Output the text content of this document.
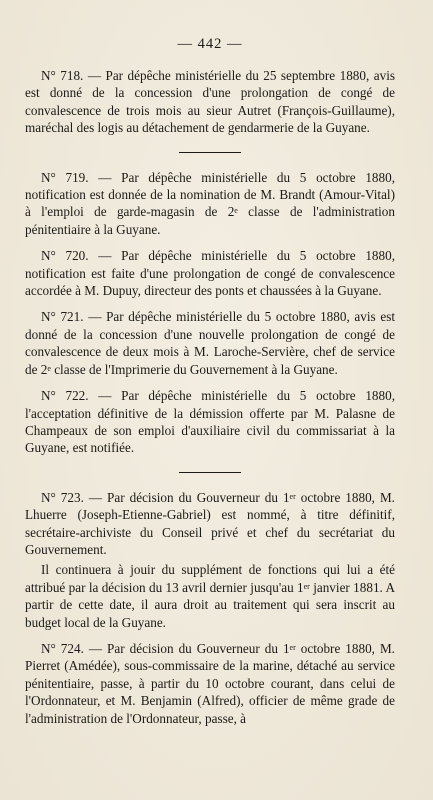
— 442 —

N° 718. — Par dépêche ministérielle du 25 septembre 1880, avis est donné de la concession d'une prolongation de congé de convalescence de trois mois au sieur Autret (François-Guillaume), maréchal des logis au détachement de gendarmerie de la Guyane.

N° 719. — Par dépêche ministérielle du 5 octobre 1880, notification est donnée de la nomination de M. Brandt (Amour-Vital) à l'emploi de garde-magasin de 2e classe de l'administration pénitentiaire à la Guyane.

N° 720. — Par dépêche ministérielle du 5 octobre 1880, notification est faite d'une prolongation de congé de convalescence accordée à M. Dupuy, directeur des ponts et chaussées à la Guyane.

N° 721. — Par dépêche ministérielle du 5 octobre 1880, avis est donné de la concession d'une nouvelle prolongation de congé de convalescence de deux mois à M. Laroche-Servière, chef de service de 2e classe de l'Imprimerie du Gouvernement à la Guyane.

N° 722. — Par dépêche ministérielle du 5 octobre 1880, l'acceptation définitive de la démission offerte par M. Palasne de Champeaux de son emploi d'auxiliaire civil du commissariat à la Guyane, est notifiée.

N° 723. — Par décision du Gouverneur du 1er octobre 1880, M. Lhuerre (Joseph-Etienne-Gabriel) est nommé, à titre définitif, secrétaire-archiviste du Conseil privé et chef du secrétariat du Gouvernement.

Il continuera à jouir du supplément de fonctions qui lui a été attribué par la décision du 13 avril dernier jusqu'au 1er janvier 1881. A partir de cette date, il aura droit au traitement qui sera inscrit au budget local de la Guyane.

N° 724. — Par décision du Gouverneur du 1er octobre 1880, M. Pierret (Amédée), sous-commissaire de la marine, détaché au service pénitentiaire, passe, à partir du 10 octobre courant, dans celui de l'Ordonnateur, et M. Benjamin (Alfred), officier de même grade de l'administration de l'Ordonnateur, passe, à
